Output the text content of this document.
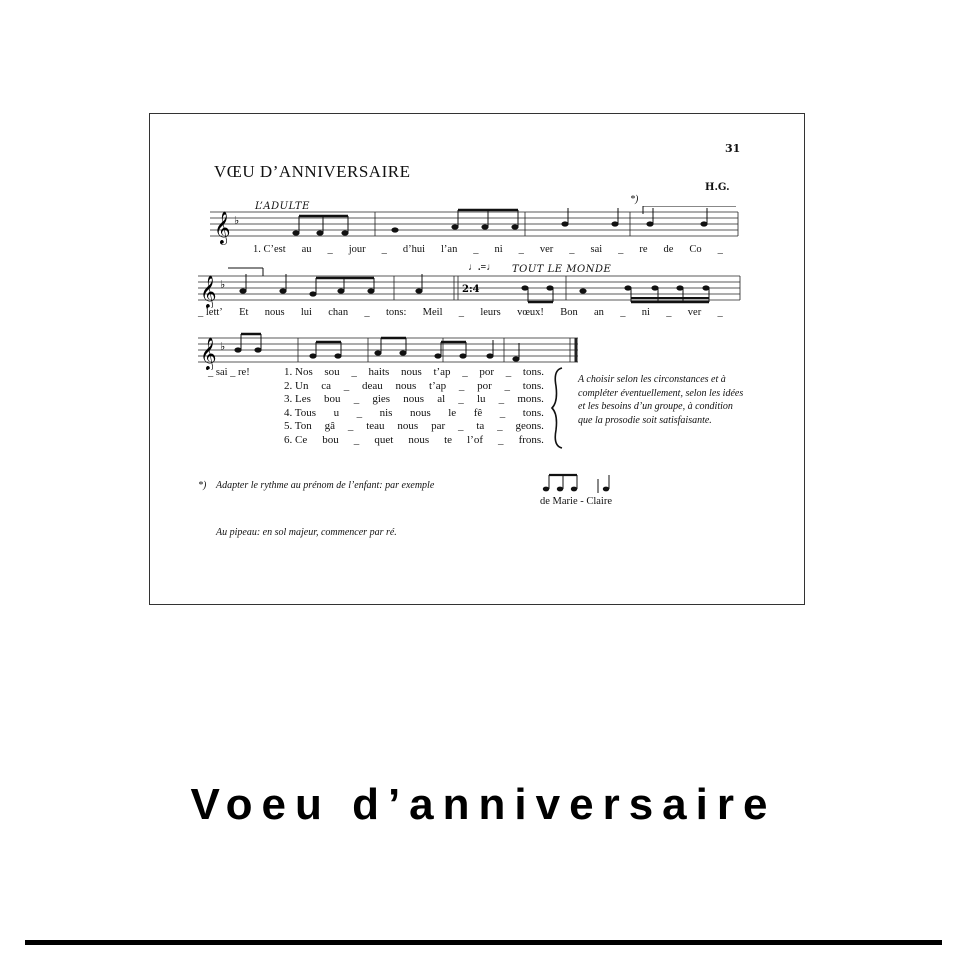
31
VŒU D’ANNIVERSAIRE
H.G.
*)
𝄞 ♭
L’ADULTE
1. C’est au _ jour _ d’hui l’an _ ni _ ver _ sai _ re de Co _
𝄞 ♭	2:4
♩.=♩ TOUT LE MONDE
_ lett’ Et nous lui chan _ tons: Meil _ leurs vœux! Bon an _ ni _ ver _
𝄞 ♭
_ sai _ re!	1. Nos sou _ haits nous t’ap _ por _ tons.
2. Un ca _ deau nous t’ap _ por _ tons.
3. Les bou _ gies nous al _ lu _ mons.
4. Tous u _ nis nous le fê _ tons.
5. Ton gâ _ teau nous par _ ta _ geons.
6. Ce bou _ quet nous te l’of _ frons.
A choisir selon les circonstances et à compléter éventuellement, selon les idées et les besoins d’un groupe, à condition que la prosodie soit satisfaisante.
*) Adapter le rythme au prénom de l’enfant: par exemple
de Marie - Claire
Au pipeau: en sol majeur, commencer par ré.
Voeu d’anniversaire
